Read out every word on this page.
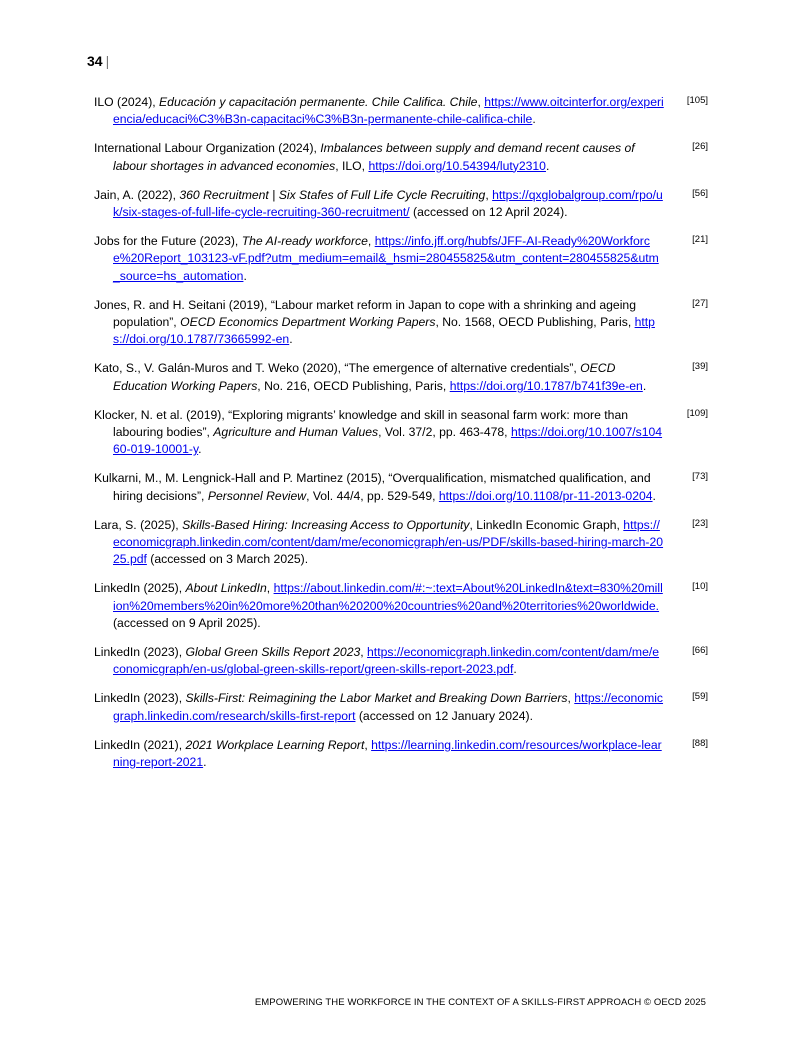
34 |
ILO (2024), Educación y capacitación permanente. Chile Califica. Chile, https://www.oitcinterfor.org/experiencia/educaci%C3%B3n-capacitaci%C3%B3n-permanente-chile-califica-chile.
[105]
International Labour Organization (2024), Imbalances between supply and demand recent causes of labour shortages in advanced economies, ILO, https://doi.org/10.54394/luty2310.
[26]
Jain, A. (2022), 360 Recruitment | Six Stafes of Full Life Cycle Recruiting, https://qxglobalgroup.com/rpo/uk/six-stages-of-full-life-cycle-recruiting-360-recruitment/ (accessed on 12 April 2024).
[56]
Jobs for the Future (2023), The AI-ready workforce, https://info.jff.org/hubfs/JFF-AI-Ready%20Workforce%20Report_103123-vF.pdf?utm_medium=email&_hsmi=280455825&utm_content=280455825&utm_source=hs_automation.
[21]
Jones, R. and H. Seitani (2019), “Labour market reform in Japan to cope with a shrinking and ageing population”, OECD Economics Department Working Papers, No. 1568, OECD Publishing, Paris, https://doi.org/10.1787/73665992-en.
[27]
Kato, S., V. Galán-Muros and T. Weko (2020), “The emergence of alternative credentials”, OECD Education Working Papers, No. 216, OECD Publishing, Paris, https://doi.org/10.1787/b741f39e-en.
[39]
Klocker, N. et al. (2019), “Exploring migrants’ knowledge and skill in seasonal farm work: more than labouring bodies”, Agriculture and Human Values, Vol. 37/2, pp. 463-478, https://doi.org/10.1007/s10460-019-10001-y.
[109]
Kulkarni, M., M. Lengnick-Hall and P. Martinez (2015), “Overqualification, mismatched qualification, and hiring decisions”, Personnel Review, Vol. 44/4, pp. 529-549, https://doi.org/10.1108/pr-11-2013-0204.
[73]
Lara, S. (2025), Skills-Based Hiring: Increasing Access to Opportunity, LinkedIn Economic Graph, https://economicgraph.linkedin.com/content/dam/me/economicgraph/en-us/PDF/skills-based-hiring-march-2025.pdf (accessed on 3 March 2025).
[23]
LinkedIn (2025), About LinkedIn, https://about.linkedin.com/#:~:text=About%20LinkedIn&text=830%20million%20members%20in%20more%20than%20200%20countries%20and%20territories%20worldwide. (accessed on 9 April 2025).
[10]
LinkedIn (2023), Global Green Skills Report 2023, https://economicgraph.linkedin.com/content/dam/me/economicgraph/en-us/global-green-skills-report/green-skills-report-2023.pdf.
[66]
LinkedIn (2023), Skills-First: Reimagining the Labor Market and Breaking Down Barriers, https://economicgraph.linkedin.com/research/skills-first-report (accessed on 12 January 2024).
[59]
LinkedIn (2021), 2021 Workplace Learning Report, https://learning.linkedin.com/resources/workplace-learning-report-2021.
[88]
EMPOWERING THE WORKFORCE IN THE CONTEXT OF A SKILLS-FIRST APPROACH © OECD 2025
